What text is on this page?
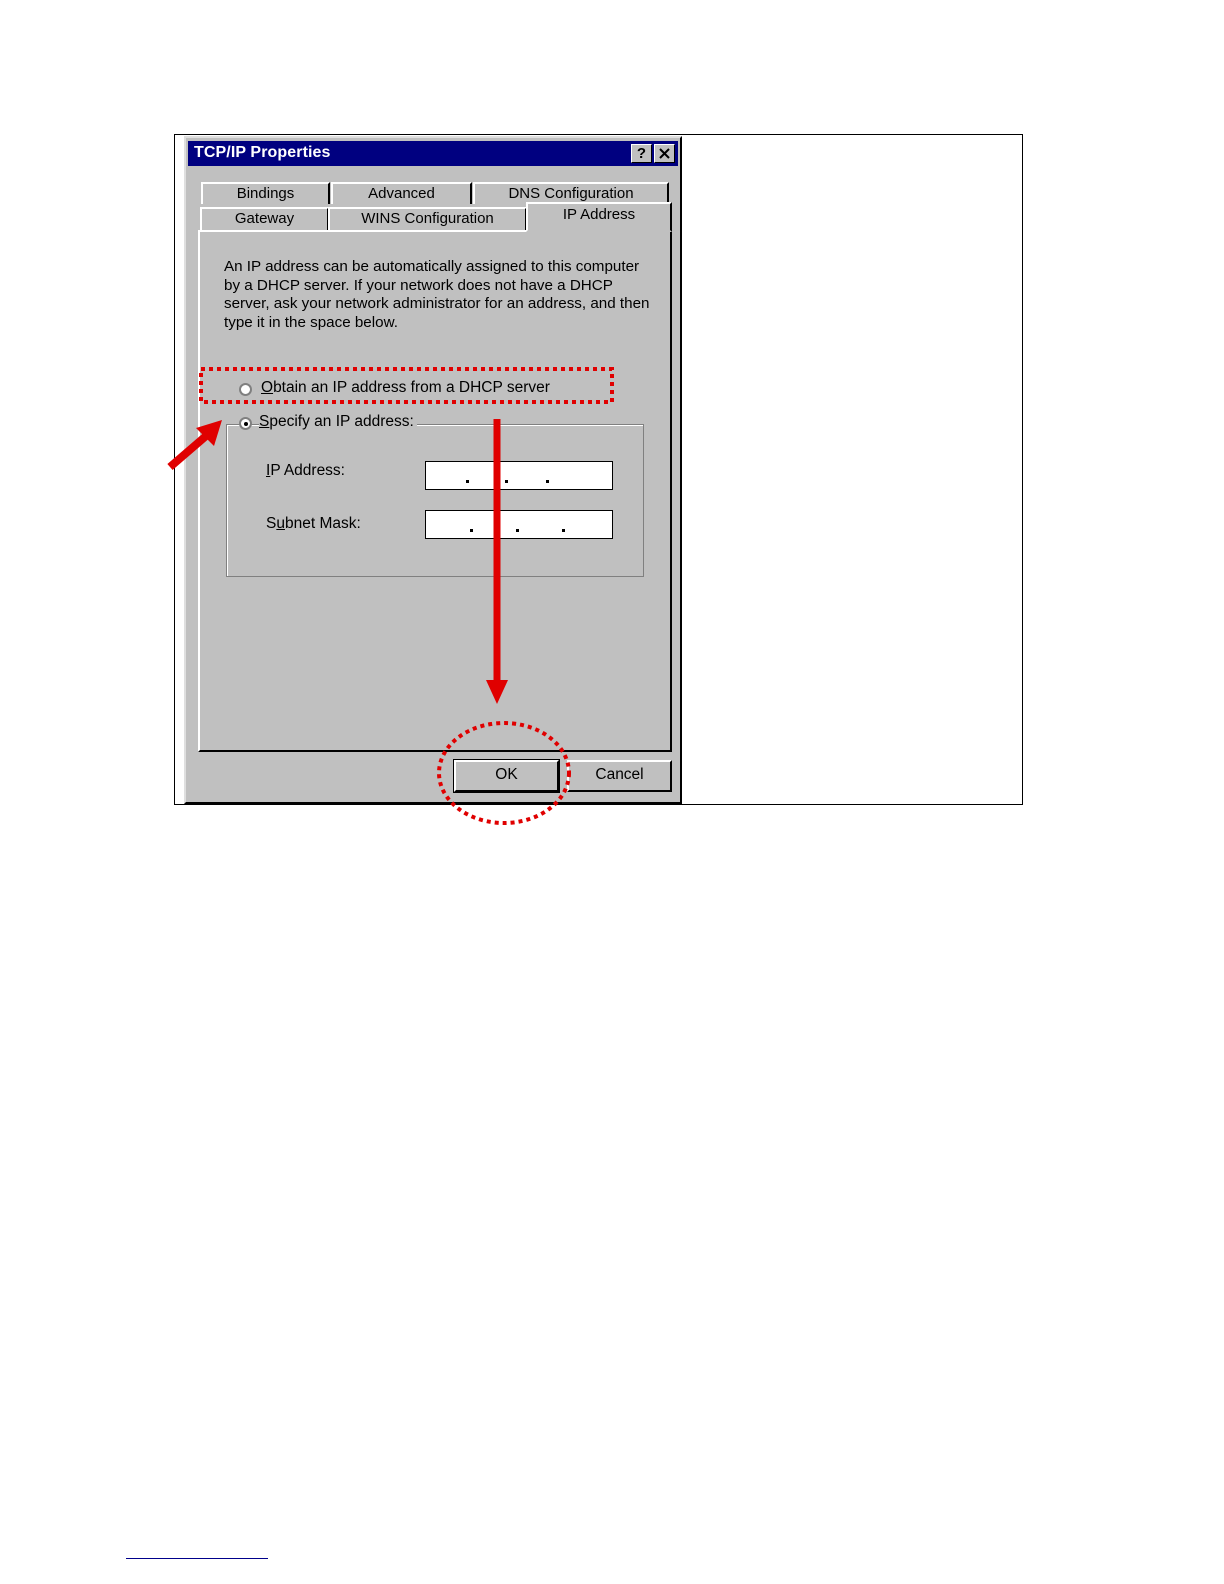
TCP/IP Properties	?
Bindings	Advanced	DNS Configuration
Gateway	WINS Configuration	IP Address
An IP address can be automatically assigned to this computer by a DHCP server. If your network does not have a DHCP server, ask your network administrator for an address, and then type it in the space below.
Obtain an IP address from a DHCP server
IP Address:
Subnet Mask:
Specify an IP address:
OK	Cancel
